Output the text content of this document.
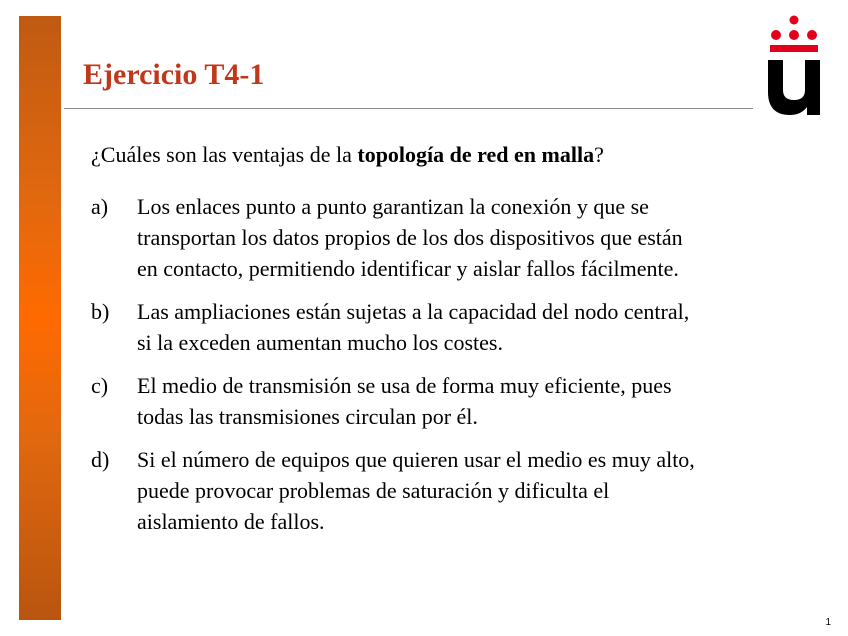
Ejercicio T4-1

¿Cuáles son las ventajas de la topología de red en malla?

a)	Los enlaces punto a punto garantizan la conexión y que se
transportan los datos propios de los dos dispositivos que están
en contacto, permitiendo identificar y aislar fallos fácilmente.
b)	Las ampliaciones están sujetas a la capacidad del nodo central,
si la exceden aumentan mucho los costes.
c)	El medio de transmisión se usa de forma muy eficiente, pues
todas las transmisiones circulan por él.
d)	Si el número de equipos que quieren usar el medio es muy alto,
puede provocar problemas de saturación y dificulta el
aislamiento de fallos.
1
